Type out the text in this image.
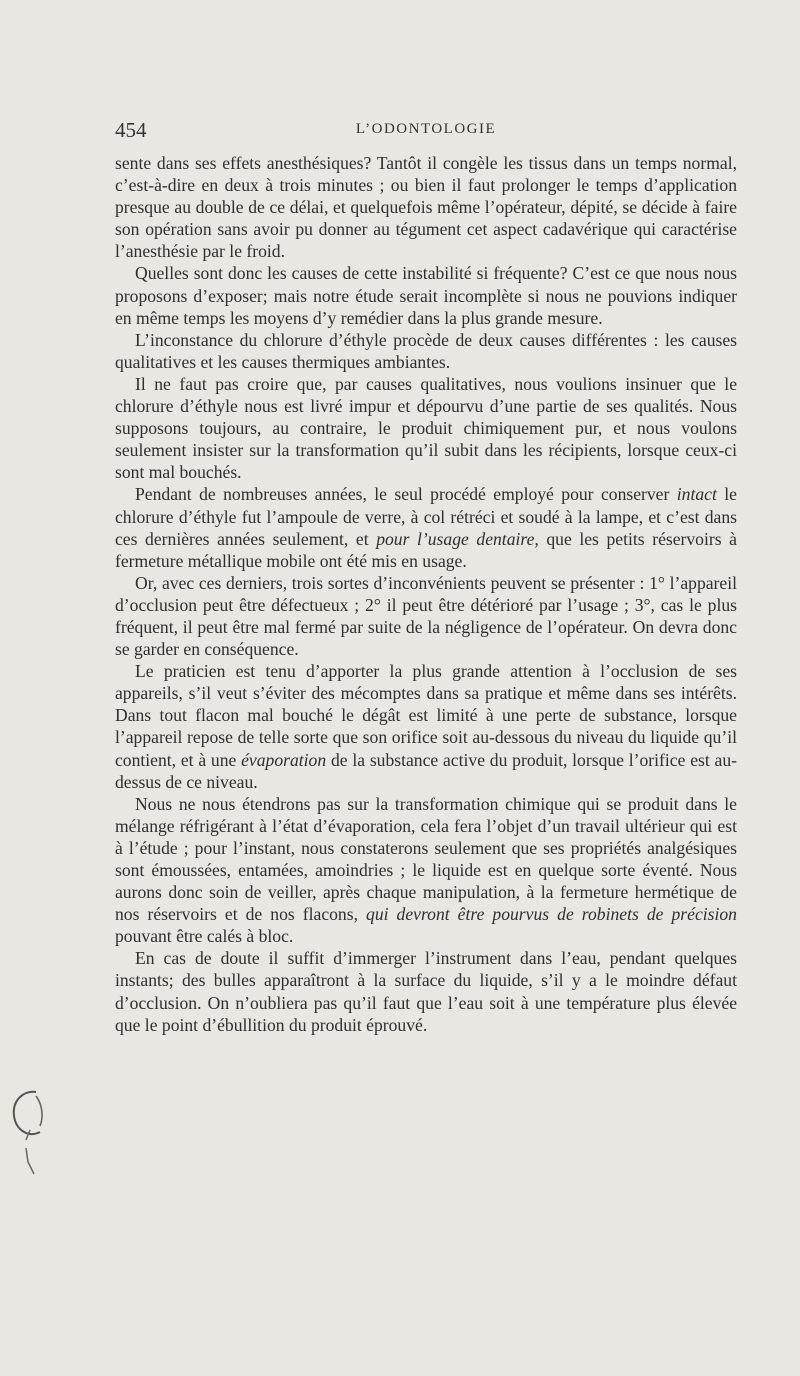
454	L’ODONTOLOGIE

sente dans ses effets anesthésiques? Tantôt il congèle les tissus dans un temps normal, c’est-à-dire en deux à trois minutes ; ou bien il faut prolonger le temps d’application presque au double de ce délai, et quelquefois même l’opérateur, dépité, se décide à faire son opération sans avoir pu donner au tégument cet aspect cadavérique qui caractérise l’anesthésie par le froid.

Quelles sont donc les causes de cette instabilité si fréquente? C’est ce que nous nous proposons d’exposer; mais notre étude serait incomplète si nous ne pouvions indiquer en même temps les moyens d’y remédier dans la plus grande mesure.

L’inconstance du chlorure d’éthyle procède de deux causes différentes : les causes qualitatives et les causes thermiques ambiantes.

Il ne faut pas croire que, par causes qualitatives, nous voulions insinuer que le chlorure d’éthyle nous est livré impur et dépourvu d’une partie de ses qualités. Nous supposons toujours, au contraire, le produit chimiquement pur, et nous voulons seulement insister sur la transformation qu’il subit dans les récipients, lorsque ceux-ci sont mal bouchés.

Pendant de nombreuses années, le seul procédé employé pour conserver intact le chlorure d’éthyle fut l’ampoule de verre, à col rétréci et soudé à la lampe, et c’est dans ces dernières années seulement, et pour l’usage dentaire, que les petits réservoirs à fermeture métallique mobile ont été mis en usage.

Or, avec ces derniers, trois sortes d’inconvénients peuvent se présenter : 1° l’appareil d’occlusion peut être défectueux ; 2° il peut être détérioré par l’usage ; 3°, cas le plus fréquent, il peut être mal fermé par suite de la négligence de l’opérateur. On devra donc se garder en conséquence.

Le praticien est tenu d’apporter la plus grande attention à l’occlusion de ses appareils, s’il veut s’éviter des mécomptes dans sa pratique et même dans ses intérêts. Dans tout flacon mal bouché le dégât est limité à une perte de substance, lorsque l’appareil repose de telle sorte que son orifice soit au-dessous du niveau du liquide qu’il contient, et à une évaporation de la substance active du produit, lorsque l’orifice est au-dessus de ce niveau.

Nous ne nous étendrons pas sur la transformation chimique qui se produit dans le mélange réfrigérant à l’état d’évaporation, cela fera l’objet d’un travail ultérieur qui est à l’étude ; pour l’instant, nous constaterons seulement que ses propriétés analgésiques sont émoussées, entamées, amoindries ; le liquide est en quelque sorte éventé. Nous aurons donc soin de veiller, après chaque manipulation, à la fermeture hermétique de nos réservoirs et de nos flacons, qui devront être pourvus de robinets de précision pouvant être calés à bloc.

En cas de doute il suffit d’immerger l’instrument dans l’eau, pendant quelques instants; des bulles apparaîtront à la surface du liquide, s’il y a le moindre défaut d’occlusion. On n’oubliera pas qu’il faut que l’eau soit à une température plus élevée que le point d’ébullition du produit éprouvé.
